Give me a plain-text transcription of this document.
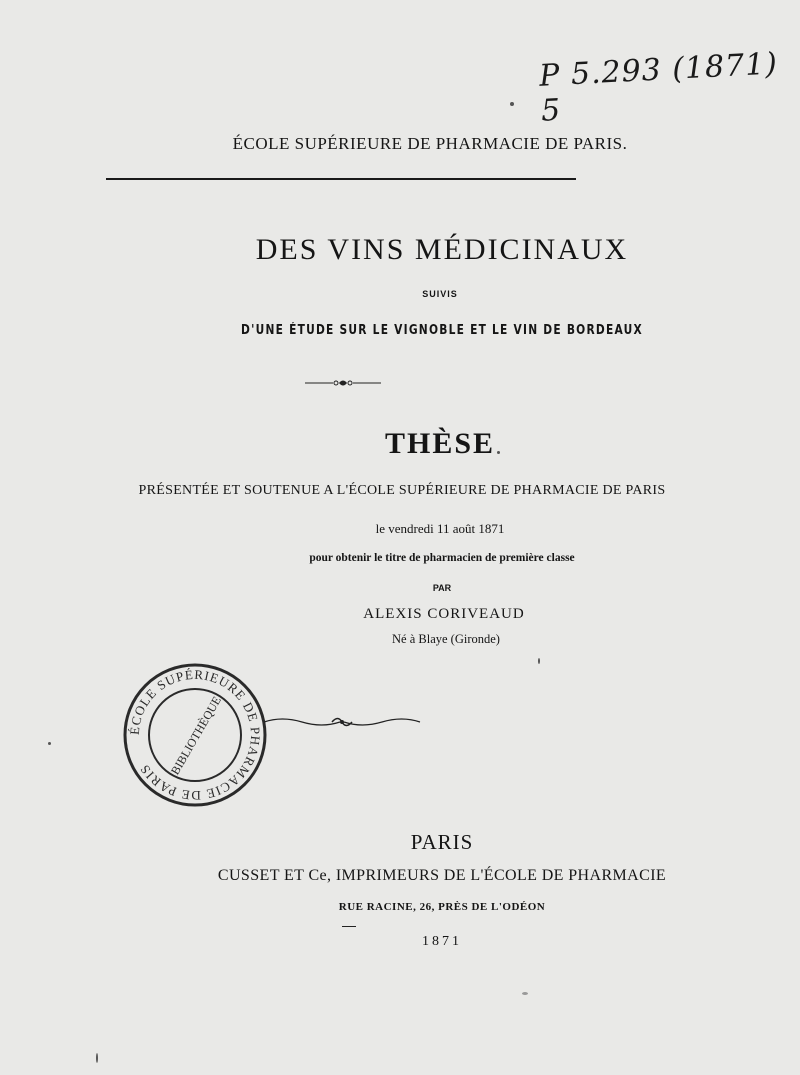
P 5.293 (1871) 5
ÉCOLE SUPÉRIEURE DE PHARMACIE DE PARIS.
DES VINS MÉDICINAUX
SUIVIS
D'UNE ÉTUDE SUR LE VIGNOBLE ET LE VIN DE BORDEAUX
THÈSE
PRÉSENTÉE ET SOUTENUE A L'ÉCOLE SUPÉRIEURE DE PHARMACIE DE PARIS
le vendredi 11 août 1871
pour obtenir le titre de pharmacien de première classe
PAR
ALEXIS CORIVEAUD
Né à Blaye (Gironde)
ÉCOLE SUPÉRIEURE DE PHARMACIE DE PARIS	BIBLIOTHÈQUE
PARIS
CUSSET ET Ce, IMPRIMEURS DE L'ÉCOLE DE PHARMACIE
RUE RACINE, 26, PRÈS DE L'ODÉON
1871
